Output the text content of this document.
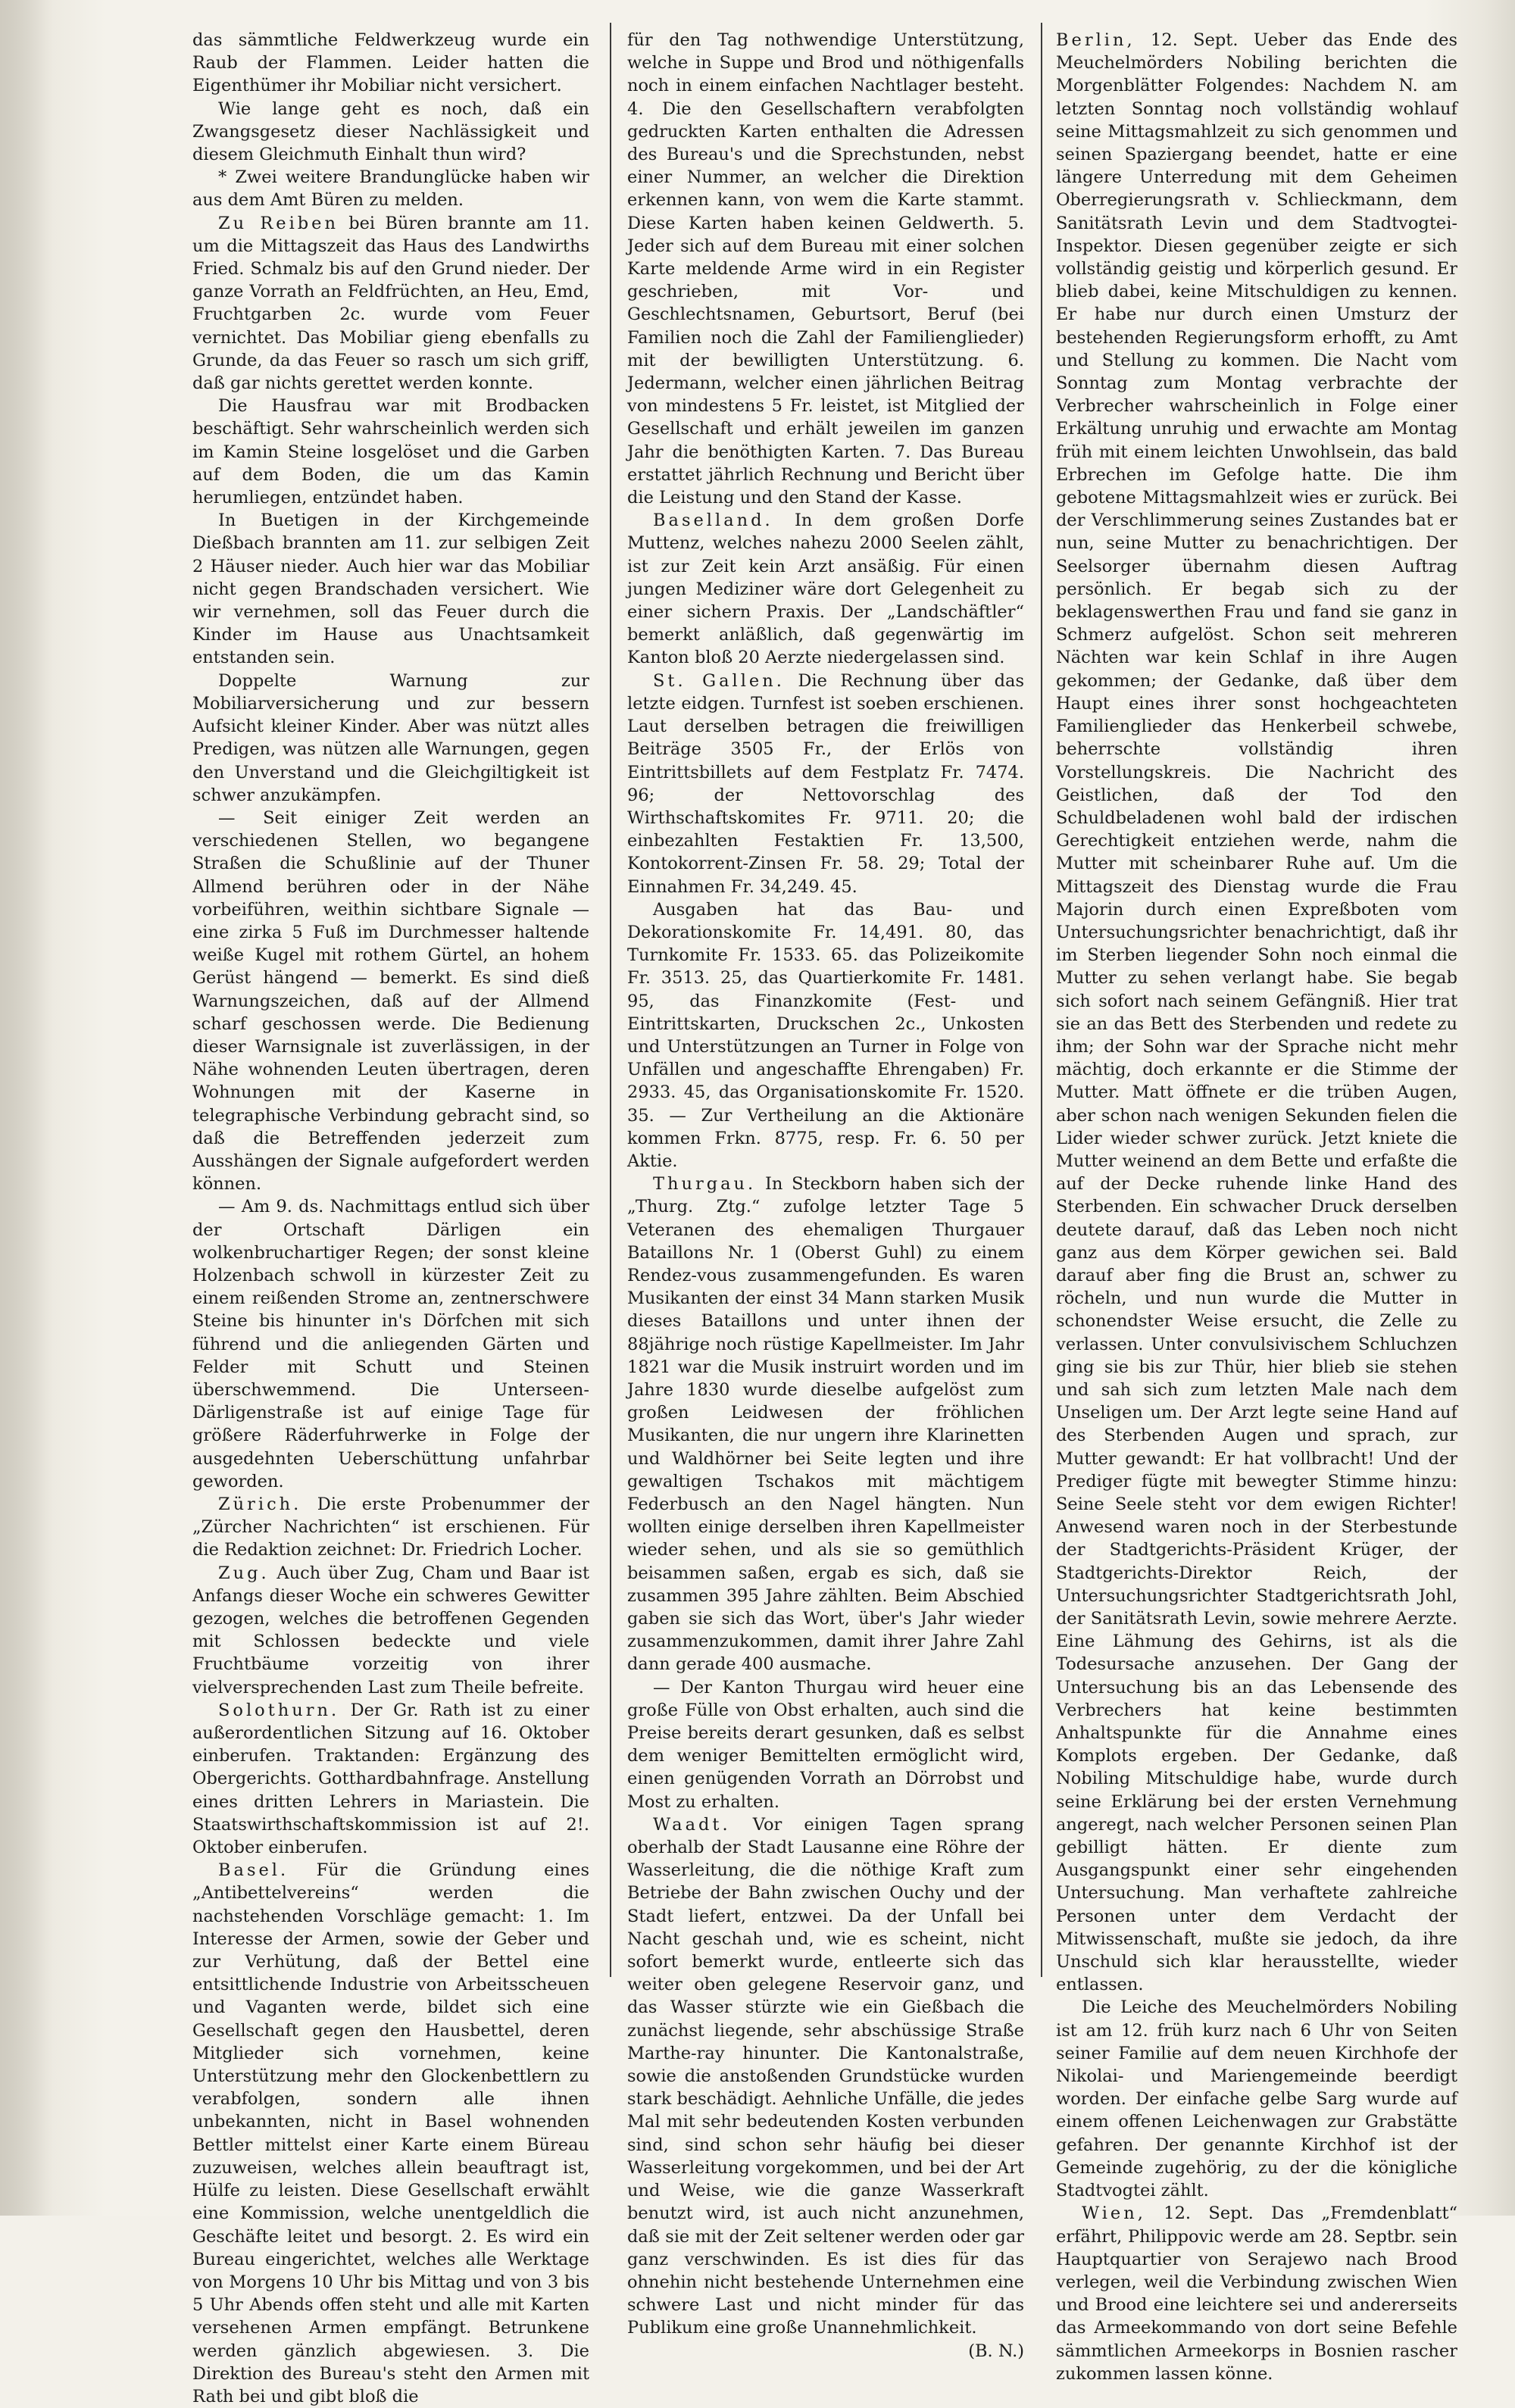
das sämmtliche Feldwerkzeug wurde ein Raub der Flammen. Leider hatten die Eigenthümer ihr Mobiliar nicht versichert.

Wie lange geht es noch, daß ein Zwangsgesetz dieser Nachlässigkeit und diesem Gleichmuth Einhalt thun wird?

* Zwei weitere Brandunglücke haben wir aus dem Amt Büren zu melden.

Zu Reiben bei Büren brannte am 11. um die Mittagszeit das Haus des Landwirths Fried. Schmalz bis auf den Grund nieder. Der ganze Vorrath an Feldfrüchten, an Heu, Emd, Fruchtgarben 2c. wurde vom Feuer vernichtet. Das Mobiliar gieng ebenfalls zu Grunde, da das Feuer so rasch um sich griff, daß gar nichts gerettet werden konnte.

Die Hausfrau war mit Brodbacken beschäftigt. Sehr wahrscheinlich werden sich im Kamin Steine losgelöset und die Garben auf dem Boden, die um das Kamin herumliegen, entzündet haben.

In Buetigen in der Kirchgemeinde Dießbach brannten am 11. zur selbigen Zeit 2 Häuser nieder. Auch hier war das Mobiliar nicht gegen Brandschaden versichert. Wie wir vernehmen, soll das Feuer durch die Kinder im Hause aus Unachtsamkeit entstanden sein.

Doppelte Warnung zur Mobiliarversicherung und zur bessern Aufsicht kleiner Kinder. Aber was nützt alles Predigen, was nützen alle Warnungen, gegen den Unverstand und die Gleichgiltigkeit ist schwer anzukämpfen.

— Seit einiger Zeit werden an verschiedenen Stellen, wo begangene Straßen die Schußlinie auf der Thuner Allmend berühren oder in der Nähe vorbeiführen, weithin sichtbare Signale — eine zirka 5 Fuß im Durchmesser haltende weiße Kugel mit rothem Gürtel, an hohem Gerüst hängend — bemerkt. Es sind dieß Warnungszeichen, daß auf der Allmend scharf geschossen werde. Die Bedienung dieser Warnsignale ist zuverlässigen, in der Nähe wohnenden Leuten übertragen, deren Wohnungen mit der Kaserne in telegraphische Verbindung gebracht sind, so daß die Betreffenden jederzeit zum Ausshängen der Signale aufgefordert werden können.

— Am 9. ds. Nachmittags entlud sich über der Ortschaft Därligen ein wolkenbruchartiger Regen; der sonst kleine Holzenbach schwoll in kürzester Zeit zu einem reißenden Strome an, zentnerschwere Steine bis hinunter in's Dörfchen mit sich führend und die anliegenden Gärten und Felder mit Schutt und Steinen überschwemmend. Die Unterseen-Därligenstraße ist auf einige Tage für größere Räderfuhrwerke in Folge der ausgedehnten Ueberschüttung unfahrbar geworden.

Zürich. Die erste Probenummer der „Zürcher Nachrichten“ ist erschienen. Für die Redaktion zeichnet: Dr. Friedrich Locher.

Zug. Auch über Zug, Cham und Baar ist Anfangs dieser Woche ein schweres Gewitter gezogen, welches die betroffenen Gegenden mit Schlossen bedeckte und viele Fruchtbäume vorzeitig von ihrer vielversprechenden Last zum Theile befreite.

Solothurn. Der Gr. Rath ist zu einer außerordentlichen Sitzung auf 16. Oktober einberufen. Traktanden: Ergänzung des Obergerichts. Gotthardbahnfrage. Anstellung eines dritten Lehrers in Mariastein. Die Staatswirthschaftskommission ist auf 2!. Oktober einberufen.

Basel. Für die Gründung eines „Antibettelvereins“ werden die nachstehenden Vorschläge gemacht: 1. Im Interesse der Armen, sowie der Geber und zur Verhütung, daß der Bettel eine entsittlichende Industrie von Arbeitsscheuen und Vaganten werde, bildet sich eine Gesellschaft gegen den Hausbettel, deren Mitglieder sich vornehmen, keine Unterstützung mehr den Glockenbettlern zu verabfolgen, sondern alle ihnen unbekannten, nicht in Basel wohnenden Bettler mittelst einer Karte einem Büreau zuzuweisen, welches allein beauftragt ist, Hülfe zu leisten. Diese Gesellschaft erwählt eine Kommission, welche unentgeldlich die Geschäfte leitet und besorgt. 2. Es wird ein Bureau eingerichtet, welches alle Werktage von Morgens 10 Uhr bis Mittag und von 3 bis 5 Uhr Abends offen steht und alle mit Karten versehenen Armen empfängt. Betrunkene werden gänzlich abgewiesen. 3. Die Direktion des Bureau's steht den Armen mit Rath bei und gibt bloß die

für den Tag nothwendige Unterstützung, welche in Suppe und Brod und nöthigenfalls noch in einem einfachen Nachtlager besteht. 4. Die den Gesellschaftern verabfolgten gedruckten Karten enthalten die Adressen des Bureau's und die Sprechstunden, nebst einer Nummer, an welcher die Direktion erkennen kann, von wem die Karte stammt. Diese Karten haben keinen Geldwerth. 5. Jeder sich auf dem Bureau mit einer solchen Karte meldende Arme wird in ein Register geschrieben, mit Vor- und Geschlechtsnamen, Geburtsort, Beruf (bei Familien noch die Zahl der Familienglieder) mit der bewilligten Unterstützung. 6. Jedermann, welcher einen jährlichen Beitrag von mindestens 5 Fr. leistet, ist Mitglied der Gesellschaft und erhält jeweilen im ganzen Jahr die benöthigten Karten. 7. Das Bureau erstattet jährlich Rechnung und Bericht über die Leistung und den Stand der Kasse.

Baselland. In dem großen Dorfe Muttenz, welches nahezu 2000 Seelen zählt, ist zur Zeit kein Arzt ansäßig. Für einen jungen Mediziner wäre dort Gelegenheit zu einer sichern Praxis. Der „Landschäftler“ bemerkt anläßlich, daß gegenwärtig im Kanton bloß 20 Aerzte niedergelassen sind.

St. Gallen. Die Rechnung über das letzte eidgen. Turnfest ist soeben erschienen. Laut derselben betragen die freiwilligen Beiträge 3505 Fr., der Erlös von Eintrittsbillets auf dem Festplatz Fr. 7474. 96; der Nettovorschlag des Wirthschaftskomites Fr. 9711. 20; die einbezahlten Festaktien Fr. 13,500, Kontokorrent-Zinsen Fr. 58. 29; Total der Einnahmen Fr. 34,249. 45.

Ausgaben hat das Bau- und Dekorationskomite Fr. 14,491. 80, das Turnkomite Fr. 1533. 65. das Polizeikomite Fr. 3513. 25, das Quartierkomite Fr. 1481. 95, das Finanzkomite (Fest- und Eintrittskarten, Druckschen 2c., Unkosten und Unterstützungen an Turner in Folge von Unfällen und angeschaffte Ehrengaben) Fr. 2933. 45, das Organisationskomite Fr. 1520. 35. — Zur Vertheilung an die Aktionäre kommen Frkn. 8775, resp. Fr. 6. 50 per Aktie.

Thurgau. In Steckborn haben sich der „Thurg. Ztg.“ zufolge letzter Tage 5 Veteranen des ehemaligen Thurgauer Bataillons Nr. 1 (Oberst Guhl) zu einem Rendez-vous zusammengefunden. Es waren Musikanten der einst 34 Mann starken Musik dieses Bataillons und unter ihnen der 88jährige noch rüstige Kapellmeister. Im Jahr 1821 war die Musik instruirt worden und im Jahre 1830 wurde dieselbe aufgelöst zum großen Leidwesen der fröhlichen Musikanten, die nur ungern ihre Klarinetten und Waldhörner bei Seite legten und ihre gewaltigen Tschakos mit mächtigem Federbusch an den Nagel hängten. Nun wollten einige derselben ihren Kapellmeister wieder sehen, und als sie so gemüthlich beisammen saßen, ergab es sich, daß sie zusammen 395 Jahre zählten. Beim Abschied gaben sie sich das Wort, über's Jahr wieder zusammenzukommen, damit ihrer Jahre Zahl dann gerade 400 ausmache.

— Der Kanton Thurgau wird heuer eine große Fülle von Obst erhalten, auch sind die Preise bereits derart gesunken, daß es selbst dem weniger Bemittelten ermöglicht wird, einen genügenden Vorrath an Dörrobst und Most zu erhalten.

Waadt. Vor einigen Tagen sprang oberhalb der Stadt Lausanne eine Röhre der Wasserleitung, die die nöthige Kraft zum Betriebe der Bahn zwischen Ouchy und der Stadt liefert, entzwei. Da der Unfall bei Nacht geschah und, wie es scheint, nicht sofort bemerkt wurde, entleerte sich das weiter oben gelegene Reservoir ganz, und das Wasser stürzte wie ein Gießbach die zunächst liegende, sehr abschüssige Straße Marthe-ray hinunter. Die Kantonalstraße, sowie die anstoßenden Grundstücke wurden stark beschädigt. Aehnliche Unfälle, die jedes Mal mit sehr bedeutenden Kosten verbunden sind, sind schon sehr häufig bei dieser Wasserleitung vorgekommen, und bei der Art und Weise, wie die ganze Wasserkraft benutzt wird, ist auch nicht anzunehmen, daß sie mit der Zeit seltener werden oder gar ganz verschwinden. Es ist dies für das ohnehin nicht bestehende Unternehmen eine schwere Last und nicht minder für das Publikum eine große Unannehmlichkeit.

(B. N.)

Berlin, 12. Sept. Ueber das Ende des Meuchelmörders Nobiling berichten die Morgenblätter Folgendes: Nachdem N. am letzten Sonntag noch vollständig wohlauf seine Mittagsmahlzeit zu sich genommen und seinen Spaziergang beendet, hatte er eine längere Unterredung mit dem Geheimen Oberregierungsrath v. Schlieckmann, dem Sanitätsrath Levin und dem Stadtvogtei-Inspektor. Diesen gegenüber zeigte er sich vollständig geistig und körperlich gesund. Er blieb dabei, keine Mitschuldigen zu kennen. Er habe nur durch einen Umsturz der bestehenden Regierungsform erhofft, zu Amt und Stellung zu kommen. Die Nacht vom Sonntag zum Montag verbrachte der Verbrecher wahrscheinlich in Folge einer Erkältung unruhig und erwachte am Montag früh mit einem leichten Unwohlsein, das bald Erbrechen im Gefolge hatte. Die ihm gebotene Mittagsmahlzeit wies er zurück. Bei der Verschlimmerung seines Zustandes bat er nun, seine Mutter zu benachrichtigen. Der Seelsorger übernahm diesen Auftrag persönlich. Er begab sich zu der beklagenswerthen Frau und fand sie ganz in Schmerz aufgelöst. Schon seit mehreren Nächten war kein Schlaf in ihre Augen gekommen; der Gedanke, daß über dem Haupt eines ihrer sonst hochgeachteten Familienglieder das Henkerbeil schwebe, beherrschte vollständig ihren Vorstellungskreis. Die Nachricht des Geistlichen, daß der Tod den Schuldbeladenen wohl bald der irdischen Gerechtigkeit entziehen werde, nahm die Mutter mit scheinbarer Ruhe auf. Um die Mittagszeit des Dienstag wurde die Frau Majorin durch einen Expreßboten vom Untersuchungsrichter benachrichtigt, daß ihr im Sterben liegender Sohn noch einmal die Mutter zu sehen verlangt habe. Sie begab sich sofort nach seinem Gefängniß. Hier trat sie an das Bett des Sterbenden und redete zu ihm; der Sohn war der Sprache nicht mehr mächtig, doch erkannte er die Stimme der Mutter. Matt öffnete er die trüben Augen, aber schon nach wenigen Sekunden fielen die Lider wieder schwer zurück. Jetzt kniete die Mutter weinend an dem Bette und erfaßte die auf der Decke ruhende linke Hand des Sterbenden. Ein schwacher Druck derselben deutete darauf, daß das Leben noch nicht ganz aus dem Körper gewichen sei. Bald darauf aber fing die Brust an, schwer zu röcheln, und nun wurde die Mutter in schonendster Weise ersucht, die Zelle zu verlassen. Unter convulsivischem Schluchzen ging sie bis zur Thür, hier blieb sie stehen und sah sich zum letzten Male nach dem Unseligen um. Der Arzt legte seine Hand auf des Sterbenden Augen und sprach, zur Mutter gewandt: Er hat vollbracht! Und der Prediger fügte mit bewegter Stimme hinzu: Seine Seele steht vor dem ewigen Richter! Anwesend waren noch in der Sterbestunde der Stadtgerichts-Präsident Krüger, der Stadtgerichts-Direktor Reich, der Untersuchungsrichter Stadtgerichtsrath Johl, der Sanitätsrath Levin, sowie mehrere Aerzte. Eine Lähmung des Gehirns, ist als die Todesursache anzusehen. Der Gang der Untersuchung bis an das Lebensende des Verbrechers hat keine bestimmten Anhaltspunkte für die Annahme eines Komplots ergeben. Der Gedanke, daß Nobiling Mitschuldige habe, wurde durch seine Erklärung bei der ersten Vernehmung angeregt, nach welcher Personen seinen Plan gebilligt hätten. Er diente zum Ausgangspunkt einer sehr eingehenden Untersuchung. Man verhaftete zahlreiche Personen unter dem Verdacht der Mitwissenschaft, mußte sie jedoch, da ihre Unschuld sich klar herausstellte, wieder entlassen.

Die Leiche des Meuchelmörders Nobiling ist am 12. früh kurz nach 6 Uhr von Seiten seiner Familie auf dem neuen Kirchhofe der Nikolai- und Mariengemeinde beerdigt worden. Der einfache gelbe Sarg wurde auf einem offenen Leichenwagen zur Grabstätte gefahren. Der genannte Kirchhof ist der Gemeinde zugehörig, zu der die königliche Stadtvogtei zählt.

Wien, 12. Sept. Das „Fremdenblatt“ erfährt, Philippovic werde am 28. Septbr. sein Hauptquartier von Serajewo nach Brood verlegen, weil die Verbindung zwischen Wien und Brood eine leichtere sei und andererseits das Armeekommando von dort seine Befehle sämmtlichen Armeekorps in Bosnien rascher zukommen lassen könne.
